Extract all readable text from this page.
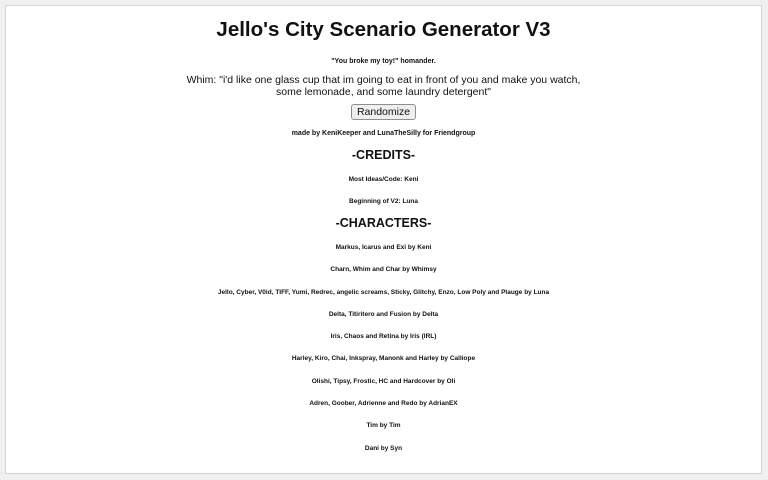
Jello's City Scenario Generator V3

"You broke my toy!" homander.

Whim: "i'd like one glass cup that im going to eat in front of you and make you watch, some lemonade, and some laundry detergent"

Randomize

made by KeniKeeper and LunaTheSilly for Friendgroup

-CREDITS-

Most Ideas/Code: Keni

Beginning of V2: Luna

-CHARACTERS-

Markus, Icarus and Exi by Keni

Charn, Whim and Char by Whimsy

Jello, Cyber, V0id, TIFF, Yumi, Redrec, angelic screams, Sticky, Glitchy, Enzo, Low Poly and Plauge by Luna

Delta, Titiritero and Fusion by Delta

Iris, Chaos and Retina by Iris (IRL)

Harley, Kiro, Chai, Inkspray, Manonk and Harley by Calliope

Olishi, Tipsy, Frostic, HC and Hardcover by Oli

Adren, Goober, Adrienne and Redo by AdrianEX

Tim by Tim

Dani by Syn
